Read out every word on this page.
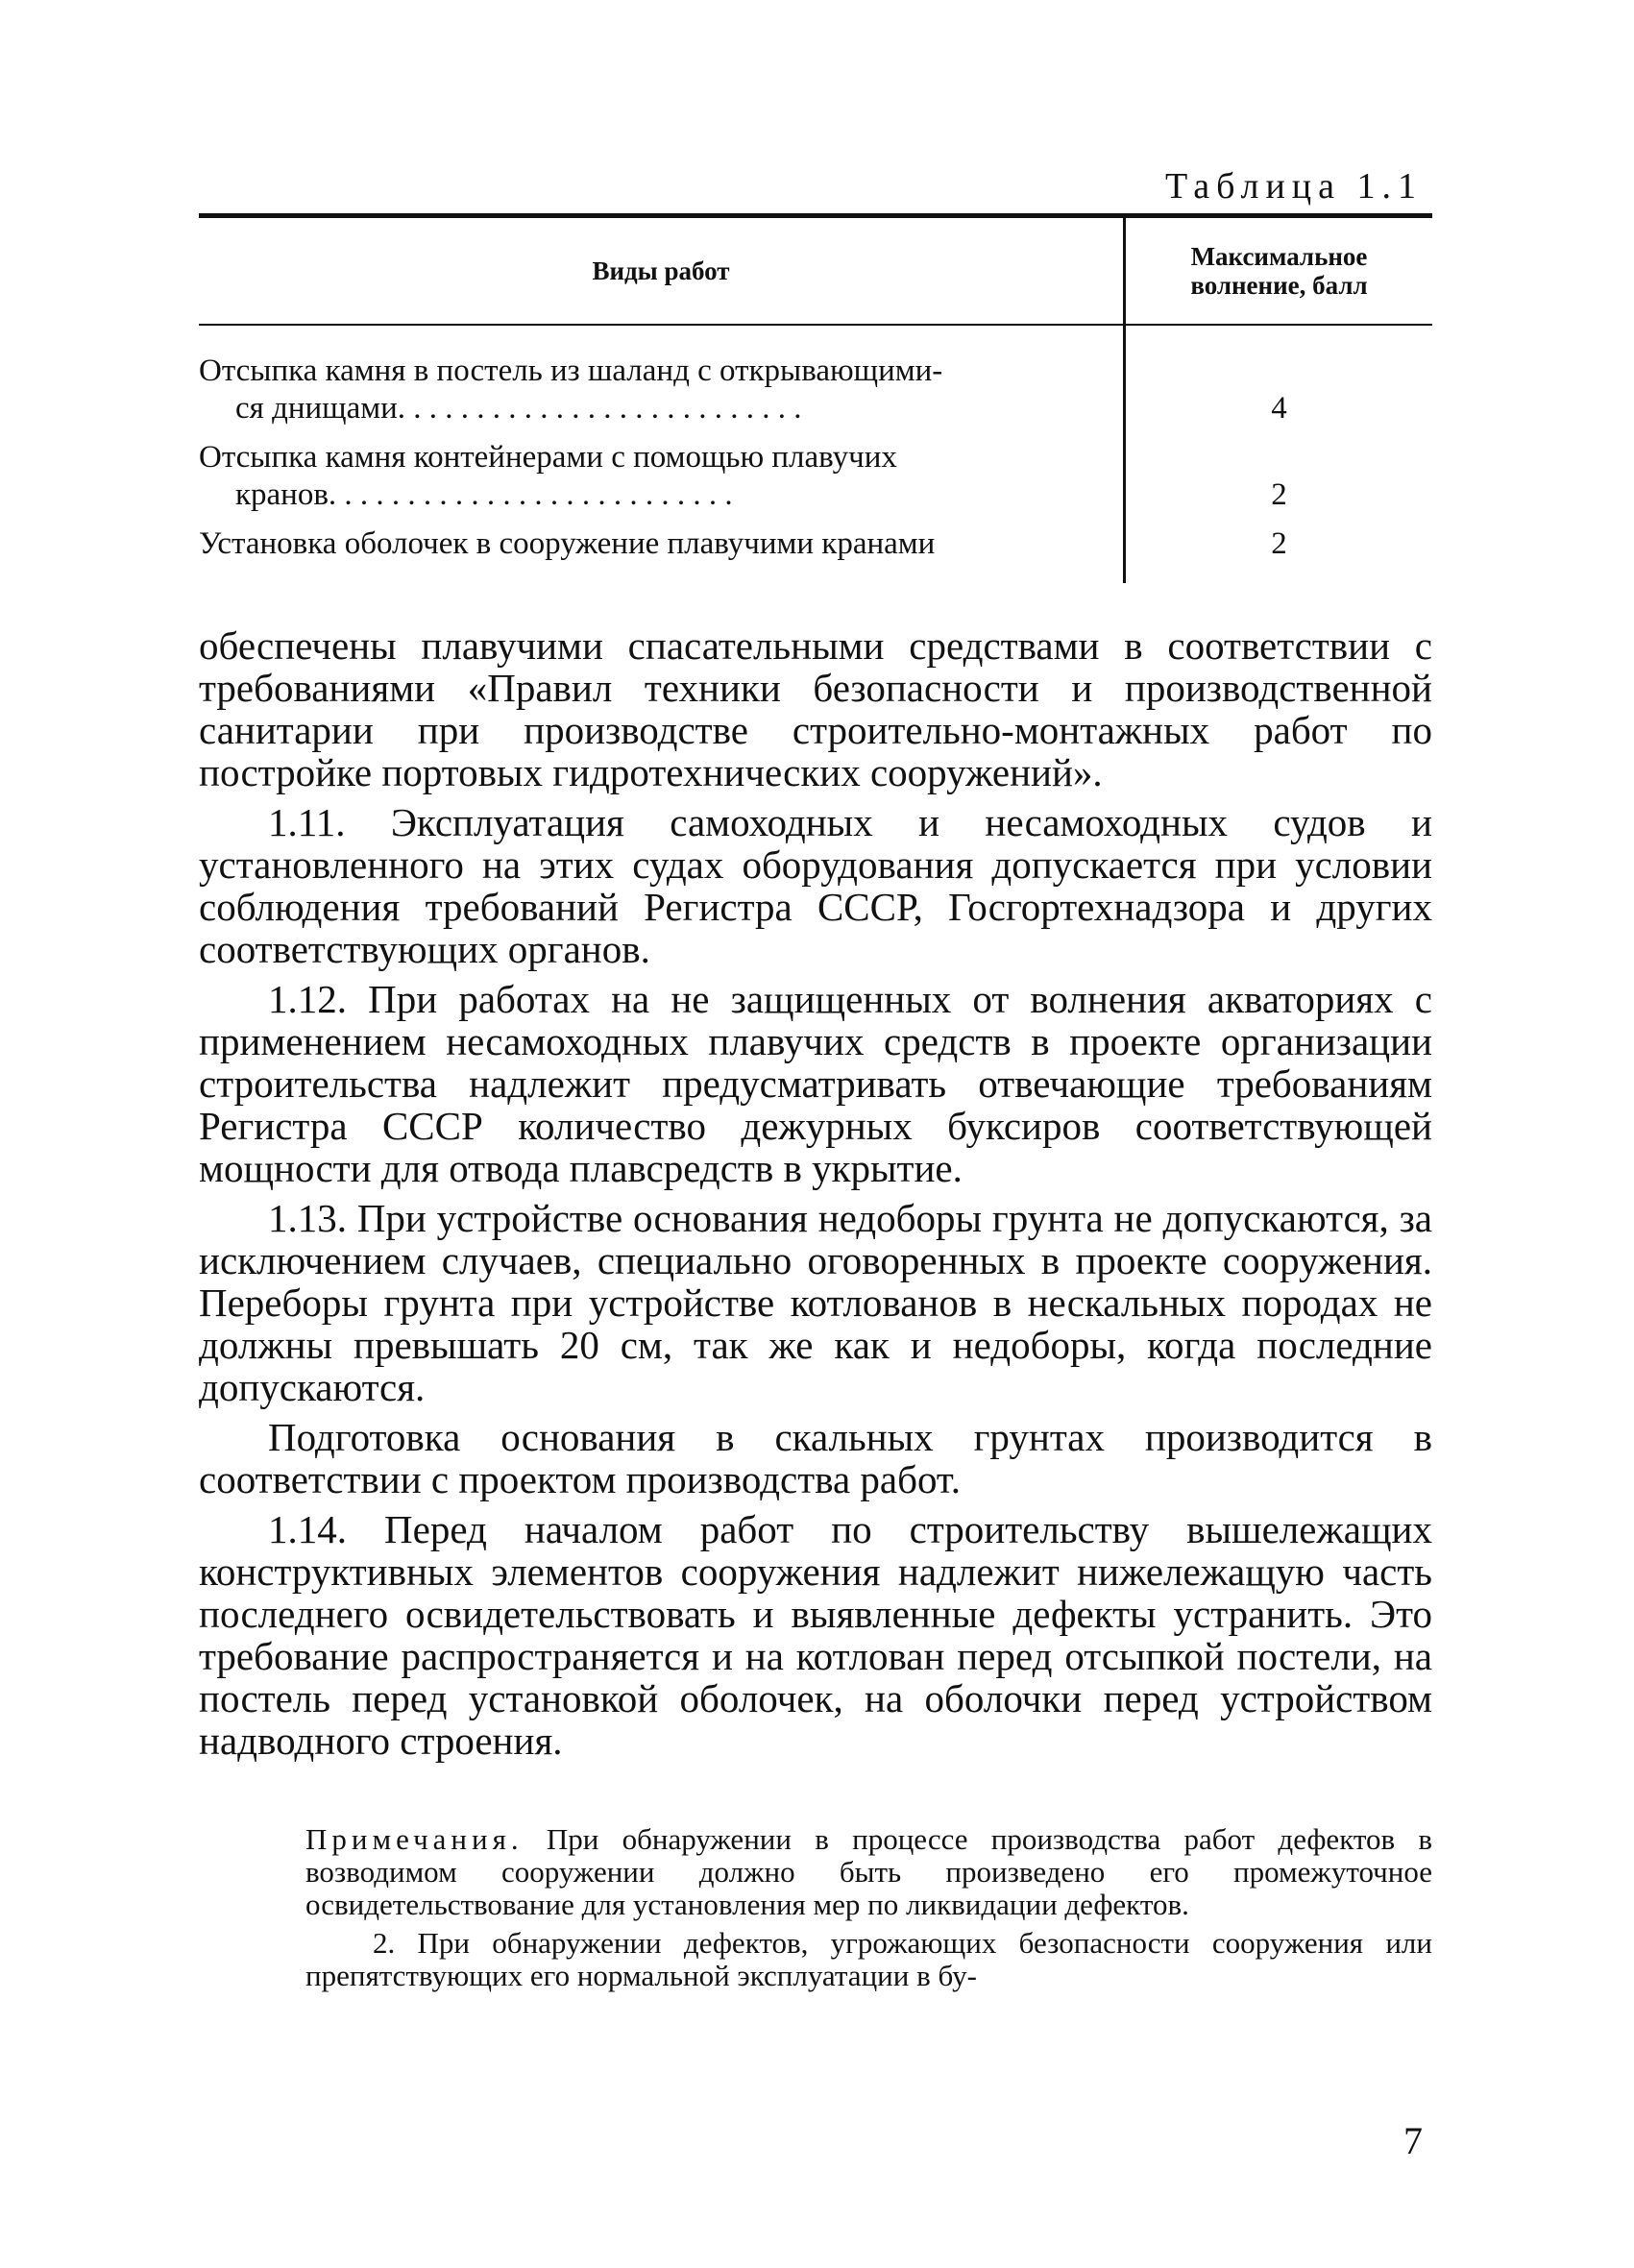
Таблица 1.1
Виды работ	Максимальное
волнение, балл
Отсыпка камня в постель из шаланд с открывающими-
ся днищами
. .
Отсыпка камня контейнерами с помощью плавучих
кранов
. .
Установка оболочек в сооружение плавучими кранами
4
2
2

обеспечены плавучими спасательными средствами в соответствии с требованиями «Правил техники безопасности и производственной санитарии при производстве строительно-монтажных работ по постройке портовых гидротехнических сооружений».

1.11. Эксплуатация самоходных и несамоходных судов и установленного на этих судах оборудования допускается при условии соблюдения требований Регистра СССР, Госгортехнадзора и других соответствующих органов.

1.12. При работах на не защищенных от волнения акваториях с применением несамоходных плавучих средств в проекте организации строительства надлежит предусматривать отвечающие требованиям Регистра СССР количество дежурных буксиров соответствующей мощности для отвода плавсредств в укрытие.

1.13. При устройстве основания недоборы грунта не допускаются, за исключением случаев, специально оговоренных в проекте сооружения. Переборы грунта при устройстве котлованов в нескальных породах не должны превышать 20 см, так же как и недоборы, когда последние допускаются.

Подготовка основания в скальных грунтах производится в соответствии с проектом производства работ.

1.14. Перед началом работ по строительству вышележащих конструктивных элементов сооружения надлежит нижележащую часть последнего освидетельствовать и выявленные дефекты устранить. Это требование распространяется и на котлован перед отсыпкой постели, на постель перед установкой оболочек, на оболочки перед устройством надводного строения.

Примечания. При обнаружении в процессе производства работ дефектов в возводимом сооружении должно быть произведено его промежуточное освидетельствование для установления мер по ликвидации дефектов.

2. При обнаружении дефектов, угрожающих безопасности сооружения или препятствующих его нормальной эксплуатации в бу-

7
